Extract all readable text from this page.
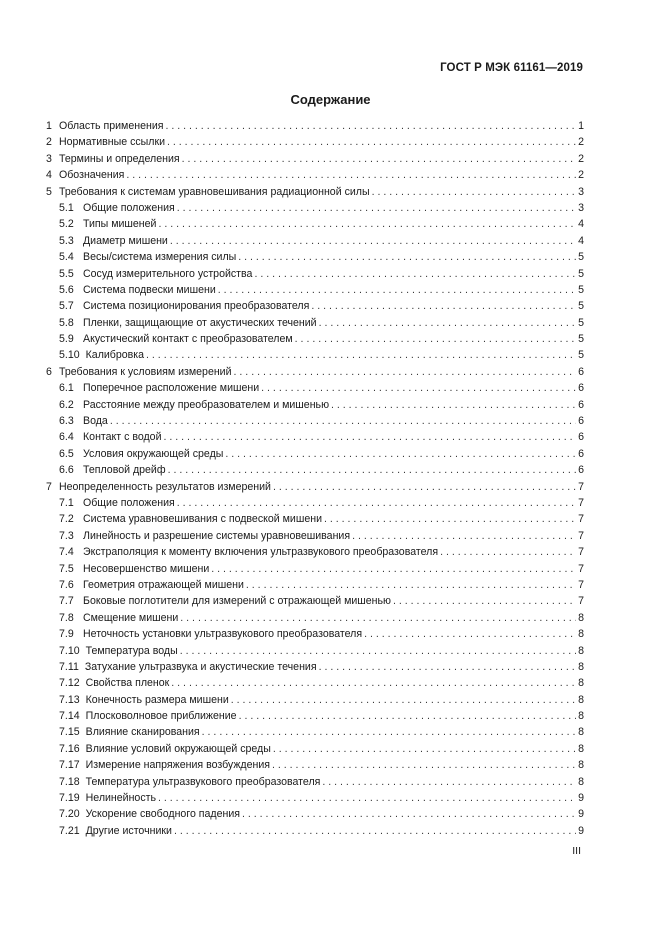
ГОСТ Р МЭК 61161—2019
Содержание
1 Область применения . . .	1
2 Нормативные ссылки . . .	2
3 Термины и определения . . .	2
4 Обозначения . . .	2
5 Требования к системам уравновешивания радиационной силы . . .	3
5.1 Общие положения . . .	3
5.2 Типы мишеней . . .	4
5.3 Диаметр мишени . . .	4
5.4 Весы/система измерения силы . . .	5
5.5 Сосуд измерительного устройства . . .	5
5.6 Система подвески мишени . . .	5
5.7 Система позиционирования преобразователя . . .	5
5.8 Пленки, защищающие от акустических течений . . .	5
5.9 Акустический контакт с преобразователем . . .	5
5.10 Калибровка . . .	5
6 Требования к условиям измерений . . .	6
6.1 Поперечное расположение мишени . . .	6
6.2 Расстояние между преобразователем и мишенью . . .	6
6.3 Вода . . .	6
6.4 Контакт с водой . . .	6
6.5 Условия окружающей среды . . .	6
6.6 Тепловой дрейф . . .	6
7 Неопределенность результатов измерений . . .	7
7.1 Общие положения . . .	7
7.2 Система уравновешивания с подвеской мишени . . .	7
7.3 Линейность и разрешение системы уравновешивания . . .	7
7.4 Экстраполяция к моменту включения ультразвукового преобразователя . . .	7
7.5 Несовершенство мишени . . .	7
7.6 Геометрия отражающей мишени . . .	7
7.7 Боковые поглотители для измерений с отражающей мишенью . . .	7
7.8 Смещение мишени . . .	8
7.9 Неточность установки ультразвукового преобразователя . . .	8
7.10 Температура воды . . .	8
7.11 Затухание ультразвука и акустические течения . . .	8
7.12 Свойства пленок . . .	8
7.13 Конечность размера мишени . . .	8
7.14 Плосковолновое приближение . . .	8
7.15 Влияние сканирования . . .	8
7.16 Влияние условий окружающей среды . . .	8
7.17 Измерение напряжения возбуждения . . .	8
7.18 Температура ультразвукового преобразователя . . .	8
7.19 Нелинейность . . .	9
7.20 Ускорение свободного падения . . .	9
7.21 Другие источники . . .	9
III
